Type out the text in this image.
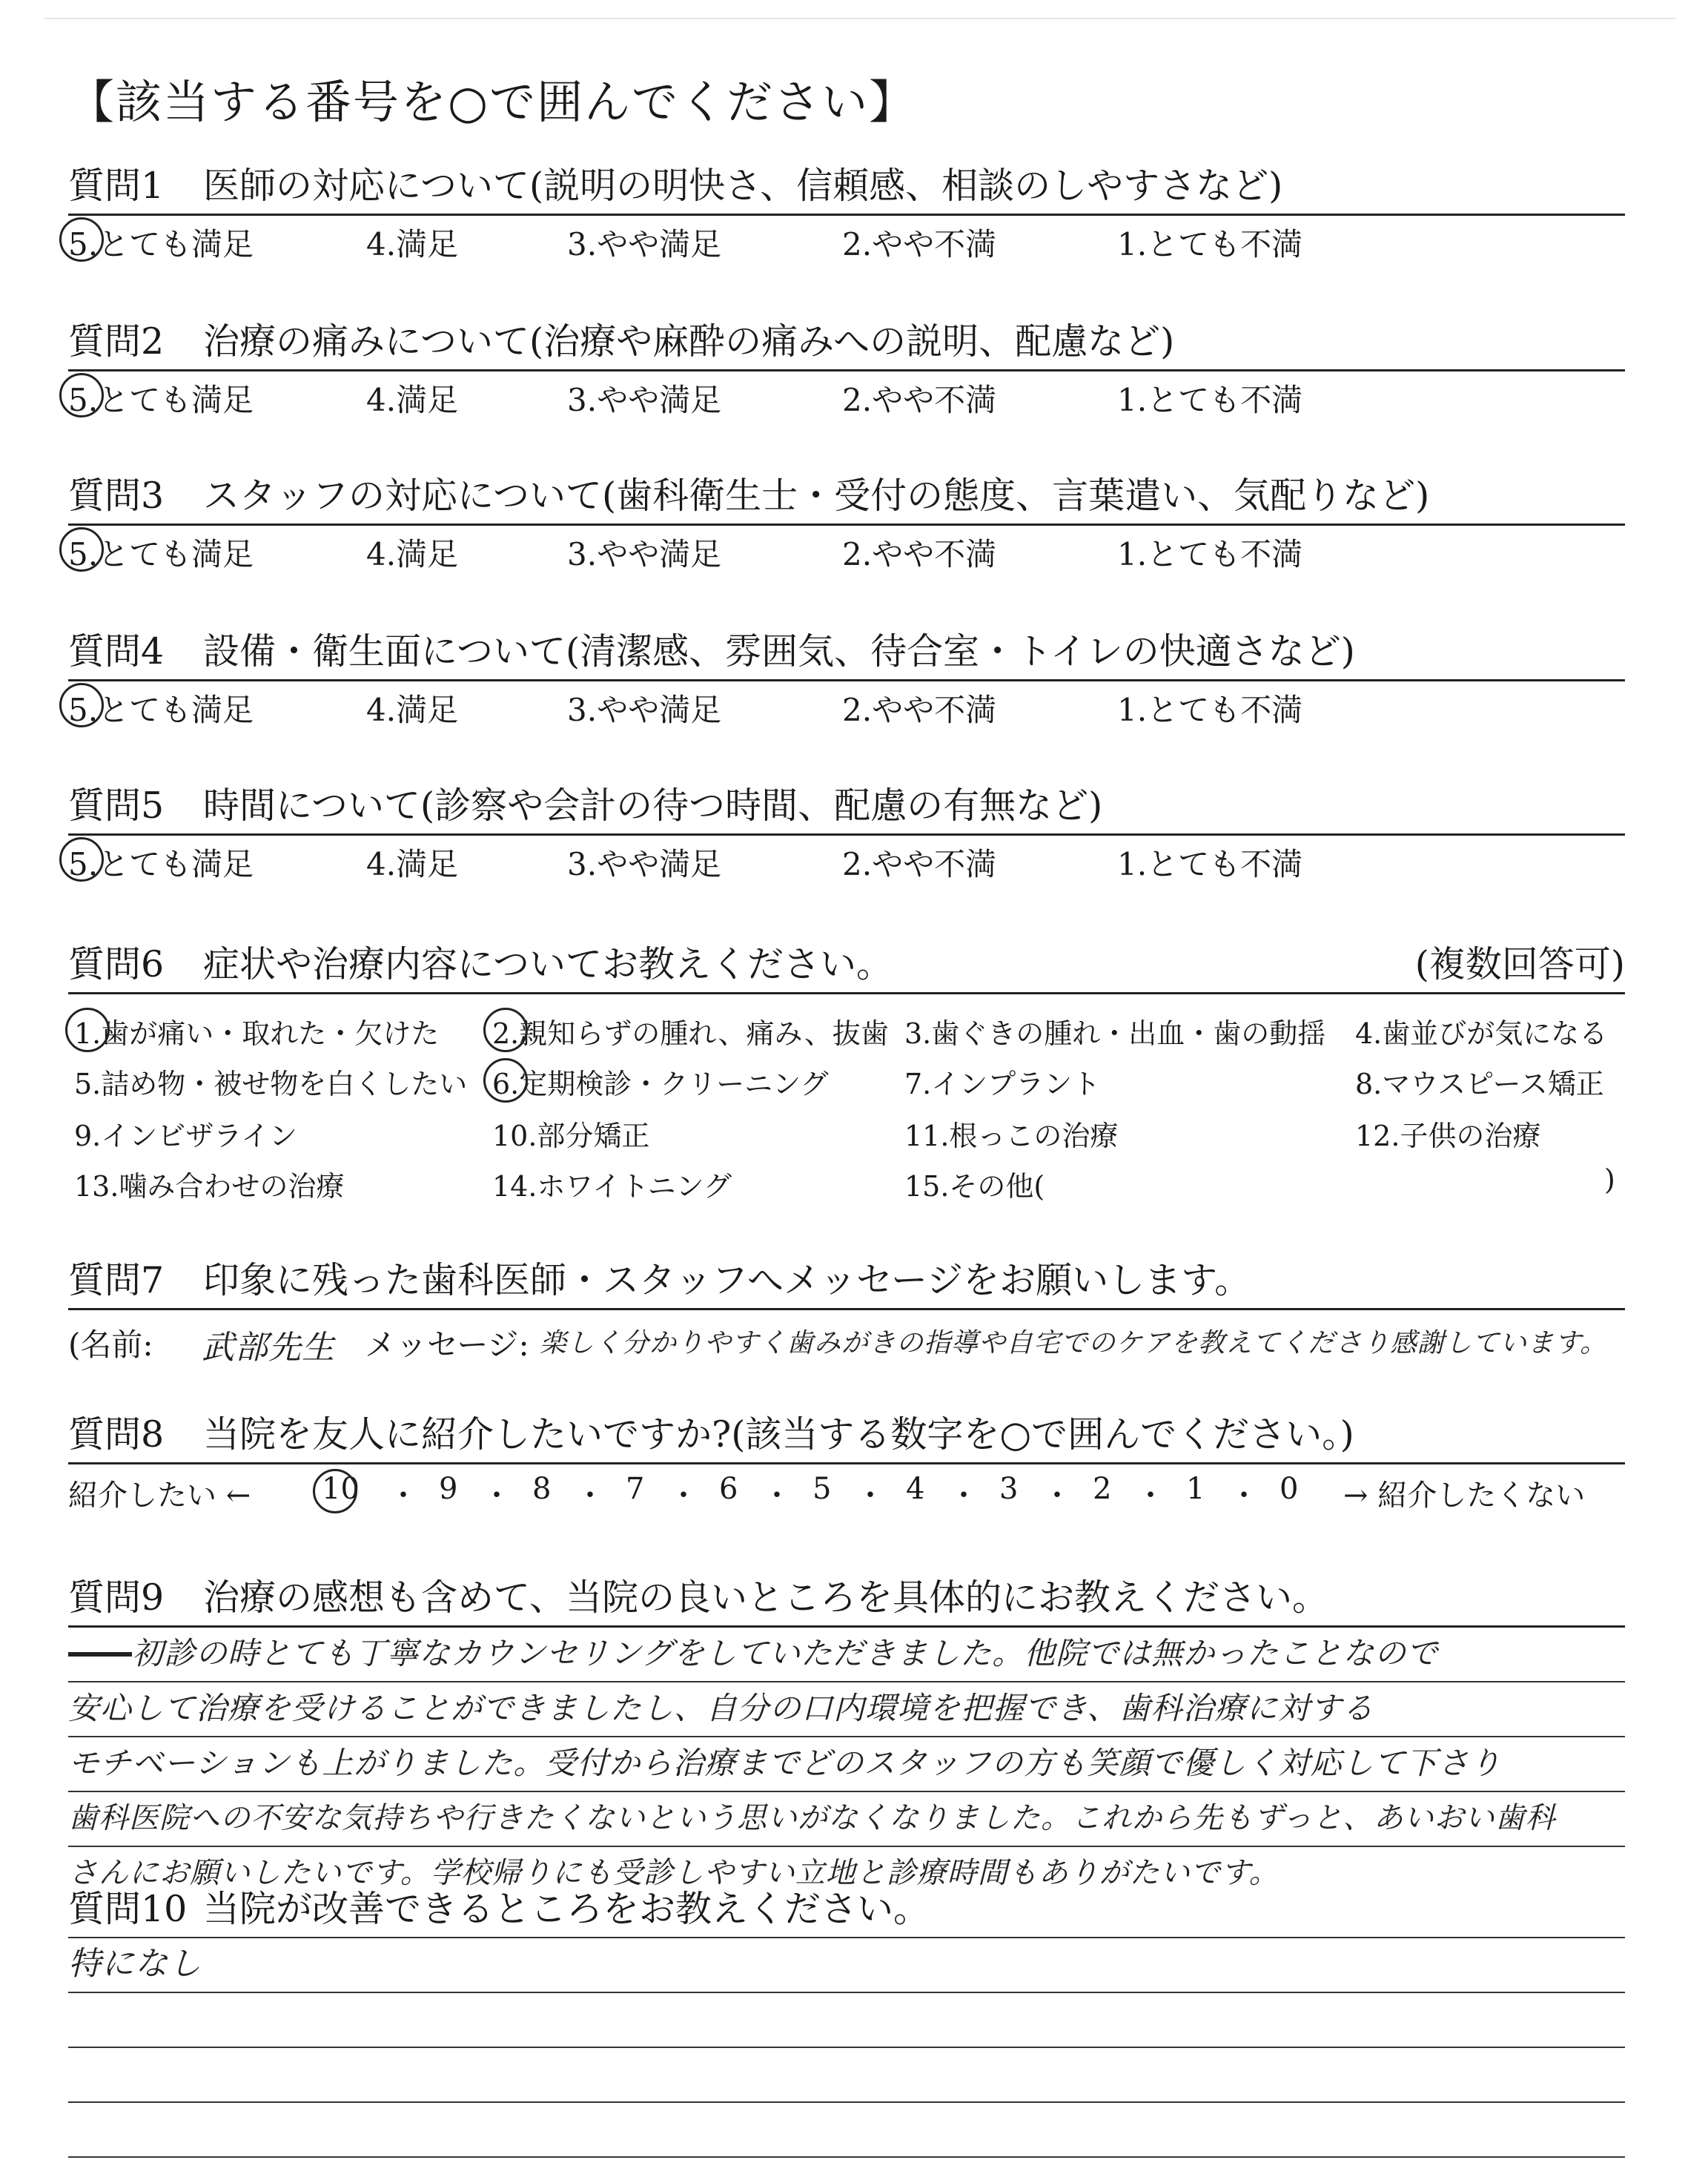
【該当する番号を○で囲んでください】
質問1 医師の対応について(説明の明快さ、信頼感、相談のしやすさなど)
5.とても満足	4.満足	3.やや満足	2.やや不満	1.とても不満
質問2 治療の痛みについて(治療や麻酔の痛みへの説明、配慮など)
5.とても満足	4.満足	3.やや満足	2.やや不満	1.とても不満
質問3 スタッフの対応について(歯科衛生士・受付の態度、言葉遣い、気配りなど)
5.とても満足	4.満足	3.やや満足	2.やや不満	1.とても不満
質問4 設備・衛生面について(清潔感、雰囲気、待合室・トイレの快適さなど)
5.とても満足	4.満足	3.やや満足	2.やや不満	1.とても不満
質問5 時間について(診察や会計の待つ時間、配慮の有無など)
5.とても満足	4.満足	3.やや満足	2.やや不満	1.とても不満
質問6 症状や治療内容についてお教えください。	(複数回答可)
1.歯が痛い・取れた・欠けた 2.親知らずの腫れ、痛み、抜歯 3.歯ぐきの腫れ・出血・歯の動揺 4.歯並びが気になる
5.詰め物・被せ物を白くしたい 6.定期検診・クリーニング	7.インプラント	8.マウスピース矯正
9.インビザライン	10.部分矯正	11.根っこの治療	12.子供の治療
13.噛み合わせの治療	14.ホワイトニング	15.その他(	)
質問7 印象に残った歯科医師・スタッフへメッセージをお願いします。
(名前: 武部先生 メッセージ: 楽しく分かりやすく歯みがきの指導や自宅でのケアを教えてくださり感謝しています。
質問8 当院を友人に紹介したいですか?(該当する数字を○で囲んでください。)
紹介したい ← 10 ・ 9 ・ 8 ・ 7 ・ 6 ・ 5 ・ 4 ・ 3 ・ 2 ・ 1 ・ 0 → 紹介したくない
質問9 治療の感想も含めて、当院の良いところを具体的にお教えください。
  初診の時とても丁寧なカウンセリングをしていただきました。他院では無かったことなので
安心して治療を受けることができましたし、自分の口内環境を把握でき、歯科治療に対する
モチベーションも上がりました。受付から治療までどのスタッフの方も笑顔で優しく対応して下さり
歯科医院への不安な気持ちや行きたくないという思いがなくなりました。これから先もずっと、あいおい歯科
さんにお願いしたいです。学校帰りにも受診しやすい立地と診療時間もありがたいです。
質問10 当院が改善できるところをお教えください。
特になし
